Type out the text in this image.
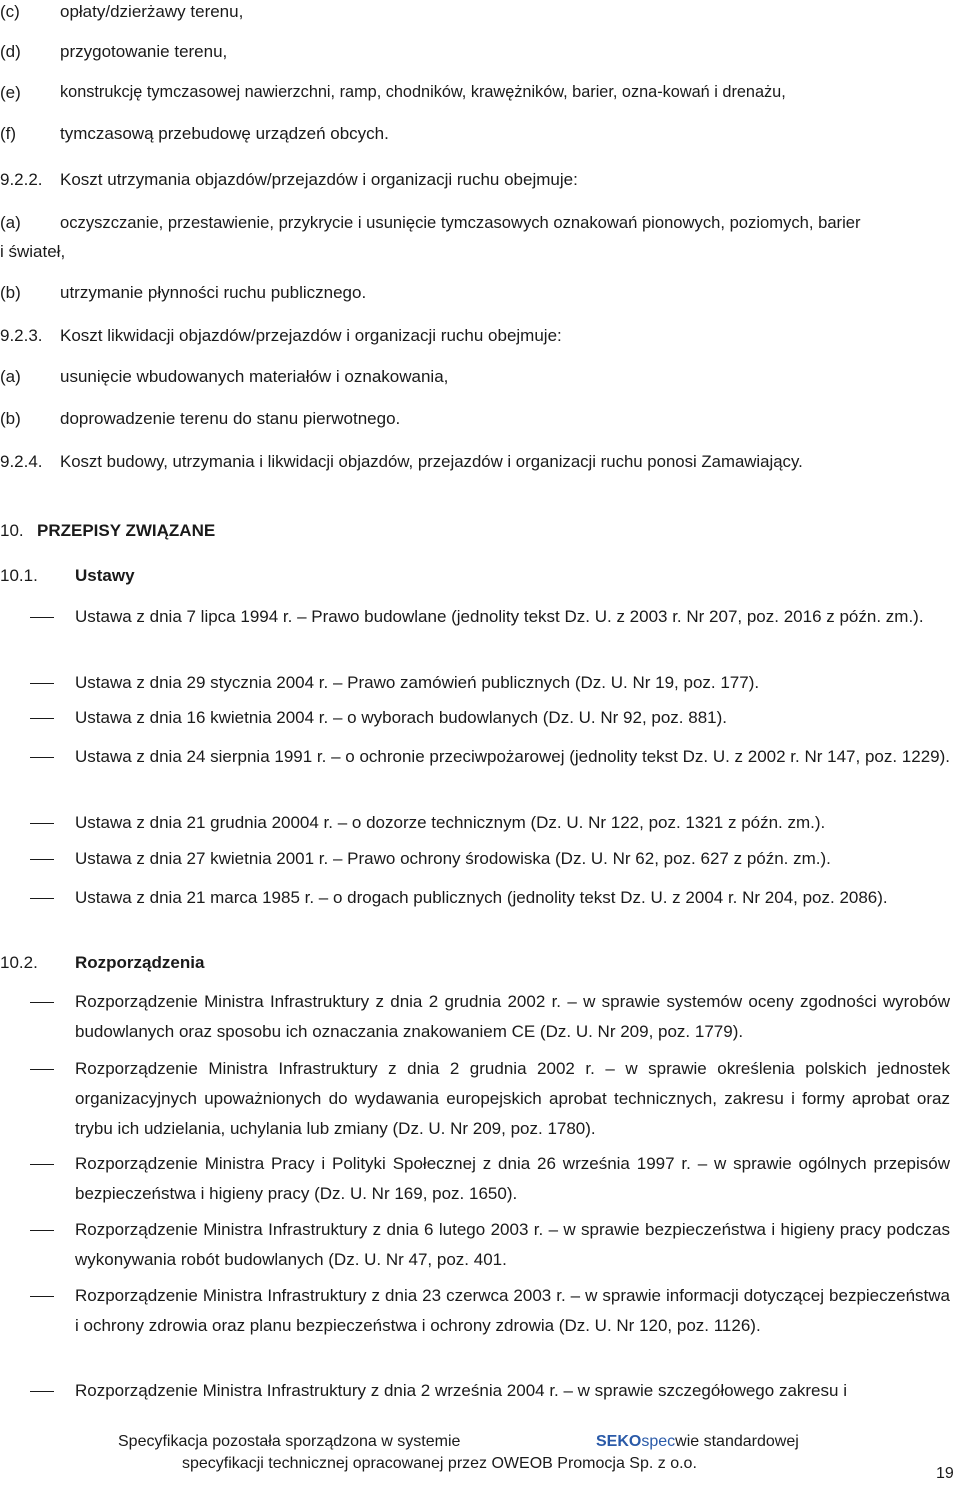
(c) opłaty/dzierżawy terenu,
(d) przygotowanie terenu,
(e) konstrukcję tymczasowej nawierzchni, ramp, chodników, krawężników, barier, ozna-kowań i drenażu,
(f)	tymczasową przebudowę urządzeń obcych.
9.2.2. Koszt utrzymania objazdów/przejazdów i organizacji ruchu obejmuje:
(a) oczyszczanie, przestawienie, przykrycie i usunięcie tymczasowych oznakowań pionowych, poziomych, barier
i świateł,
(b) utrzymanie płynności ruchu publicznego.
9.2.3. Koszt likwidacji objazdów/przejazdów i organizacji ruchu obejmuje:
(a) usunięcie wbudowanych materiałów i oznakowania,
(b) doprowadzenie terenu do stanu pierwotnego.
9.2.4. Koszt budowy, utrzymania i likwidacji objazdów, przejazdów i organizacji ruchu ponosi Zamawiający.
10. PRZEPISY ZWIĄZANE
10.1. Ustawy
Ustawa z dnia 7 lipca 1994 r. – Prawo budowlane (jednolity tekst Dz. U. z 2003 r. Nr 207, poz. 2016 z późn. zm.).
Ustawa z dnia 29 stycznia 2004 r. – Prawo zamówień publicznych (Dz. U. Nr 19, poz. 177).
Ustawa z dnia 16 kwietnia 2004 r. – o wyborach budowlanych (Dz. U. Nr 92, poz. 881).
Ustawa z dnia 24 sierpnia 1991 r. – o ochronie przeciwpożarowej (jednolity tekst Dz. U. z 2002 r. Nr 147, poz. 1229).
Ustawa z dnia 21 grudnia 20004 r. – o dozorze technicznym (Dz. U. Nr 122, poz. 1321 z późn. zm.).
Ustawa z dnia 27 kwietnia 2001 r. – Prawo ochrony środowiska (Dz. U. Nr 62, poz. 627 z późn. zm.).
Ustawa z dnia 21 marca 1985 r. – o drogach publicznych (jednolity tekst Dz. U. z 2004 r. Nr 204, poz. 2086).
10.2. Rozporządzenia
Rozporządzenie Ministra Infrastruktury z dnia 2 grudnia 2002 r. – w sprawie systemów oceny zgodności wyrobów budowlanych oraz sposobu ich oznaczania znakowaniem CE (Dz. U. Nr 209, poz. 1779).
Rozporządzenie Ministra Infrastruktury z dnia 2 grudnia 2002 r. – w sprawie określenia polskich jednostek organizacyjnych upoważnionych do wydawania europejskich aprobat technicznych, zakresu i formy aprobat oraz trybu ich udzielania, uchylania lub zmiany (Dz. U. Nr 209, poz. 1780).
Rozporządzenie Ministra Pracy i Polityki Społecznej z dnia 26 września 1997 r. – w sprawie ogólnych przepisów bezpieczeństwa i higieny pracy (Dz. U. Nr 169, poz. 1650).
Rozporządzenie Ministra Infrastruktury z dnia 6 lutego 2003 r. – w sprawie bezpieczeństwa i higieny pracy podczas wykonywania robót budowlanych (Dz. U. Nr 47, poz. 401.
Rozporządzenie Ministra Infrastruktury z dnia 23 czerwca 2003 r. – w sprawie informacji dotyczącej bezpieczeństwa i ochrony zdrowia oraz planu bezpieczeństwa i ochrony zdrowia (Dz. U. Nr 120, poz. 1126).
Rozporządzenie Ministra Infrastruktury z dnia 2 września 2004 r. – w sprawie szczegółowego zakresu i
Specyfikacja pozostała sporządzona w systemie	SEKOspecwie standardowej
specyfikacji technicznej opracowanej przez OWEOB Promocja Sp. z o.o.
19
